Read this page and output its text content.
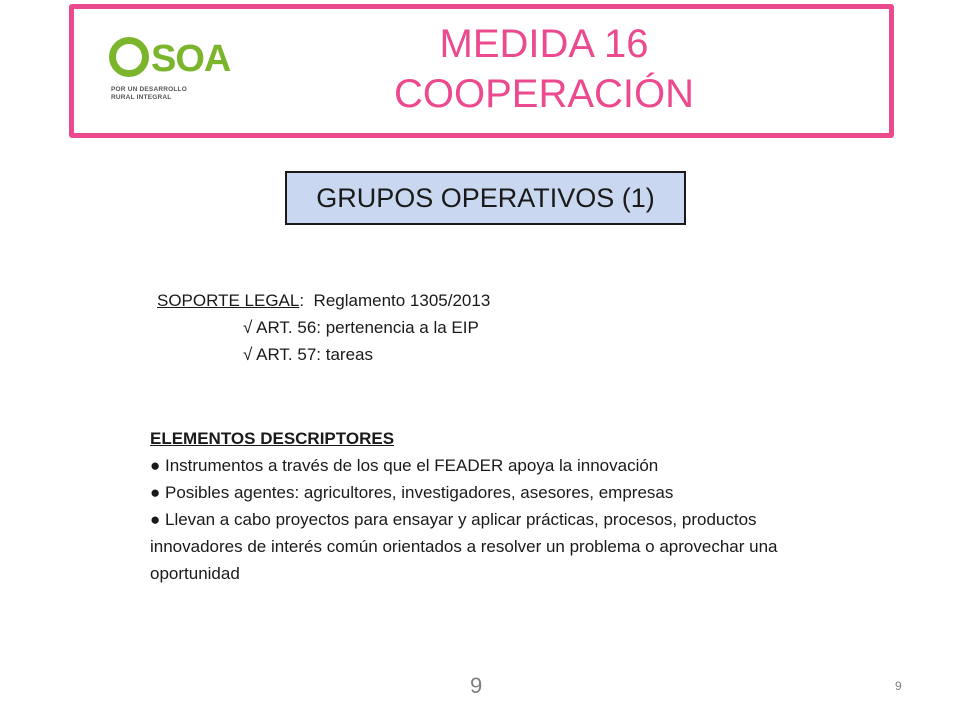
SOA
POR UN DESARROLLO
RURAL INTEGRAL
MEDIDA 16
COOPERACIÓN
GRUPOS OPERATIVOS (1)
SOPORTE LEGAL: Reglamento 1305/2013
√ ART. 56: pertenencia a la EIP
√ ART. 57: tareas
ELEMENTOS DESCRIPTORES
● Instrumentos a través de los que el FEADER apoya la innovación
● Posibles agentes: agricultores, investigadores, asesores, empresas
● Llevan a cabo proyectos para ensayar y aplicar prácticas, procesos, productos innovadores de interés común orientados a resolver un problema o aprovechar una oportunidad
9	9
